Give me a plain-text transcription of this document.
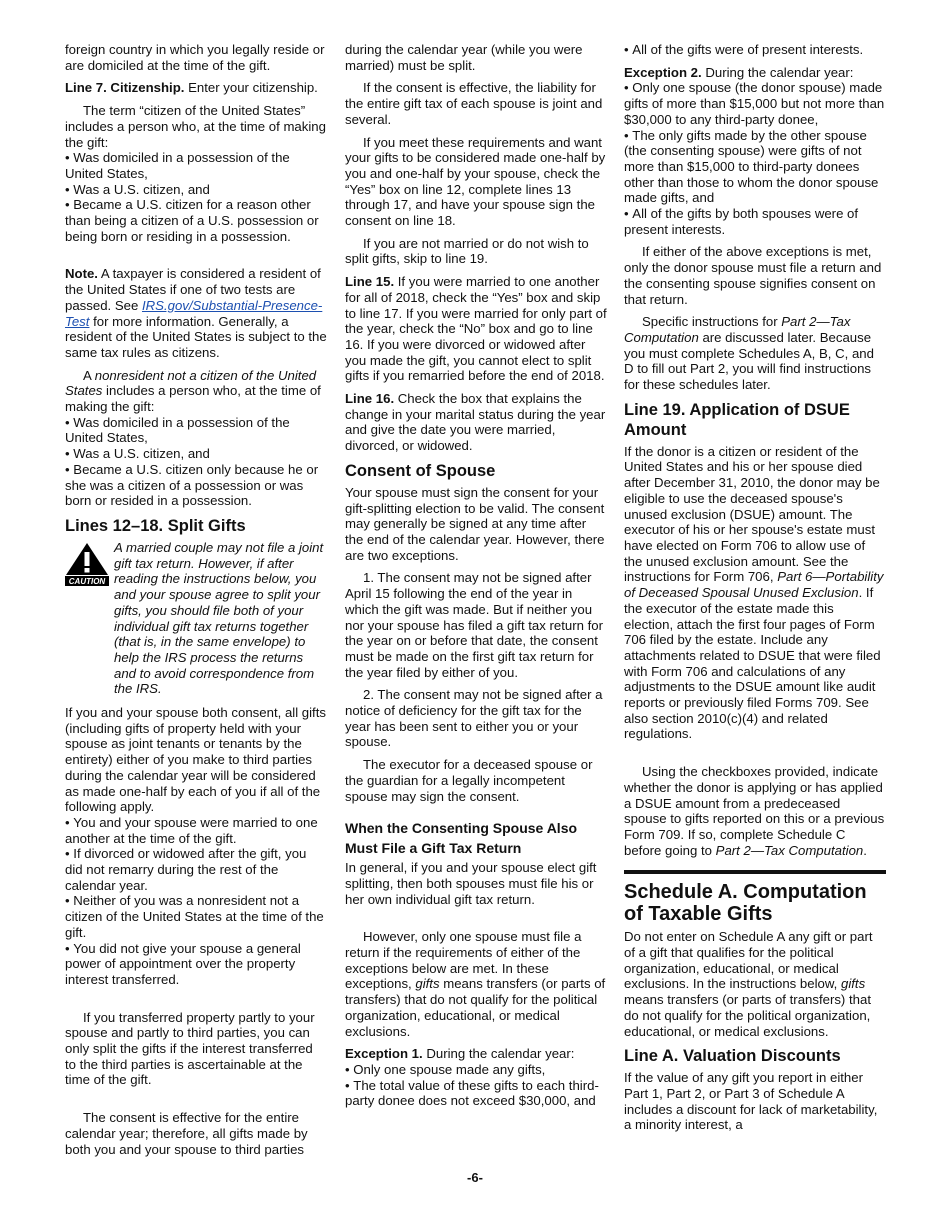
foreign country in which you legally reside or are domiciled at the time of the gift.

Line 7. Citizenship. Enter your citizenship.

The term “citizen of the United States” includes a person who, at the time of making the gift:

• Was domiciled in a possession of the United States,

• Was a U.S. citizen, and

• Became a U.S. citizen for a reason other than being a citizen of a U.S. possession or being born or residing in a possession.

Note. A taxpayer is considered a resident of the United States if one of two tests are passed. See IRS.gov/Substantial-Presence-Test for more information. Generally, a resident of the United States is subject to the same tax rules as citizens.

A nonresident not a citizen of the United States includes a person who, at the time of making the gift:

• Was domiciled in a possession of the United States,

• Was a U.S. citizen, and

• Became a U.S. citizen only because he or she was a citizen of a possession or was born or resided in a possession.

Lines 12–18. Split Gifts
CAUTION
A married couple may not file a joint gift tax return. However, if after reading the instructions below, you and your spouse agree to split your gifts, you should file both of your individual gift tax returns together (that is, in the same envelope) to help the IRS process the returns and to avoid correspondence from the IRS.

If you and your spouse both consent, all gifts (including gifts of property held with your spouse as joint tenants or tenants by the entirety) either of you make to third parties during the calendar year will be considered as made one-half by each of you if all of the following apply.

• You and your spouse were married to one another at the time of the gift.

• If divorced or widowed after the gift, you did not remarry during the rest of the calendar year.

• Neither of you was a nonresident not a citizen of the United States at the time of the gift.

• You did not give your spouse a general power of appointment over the property interest transferred.

If you transferred property partly to your spouse and partly to third parties, you can only split the gifts if the interest transferred to the third parties is ascertainable at the time of the gift.

The consent is effective for the entire calendar year; therefore, all gifts made by both you and your spouse to third parties

during the calendar year (while you were married) must be split.

If the consent is effective, the liability for the entire gift tax of each spouse is joint and several.

If you meet these requirements and want your gifts to be considered made one-half by you and one-half by your spouse, check the “Yes” box on line 12, complete lines 13 through 17, and have your spouse sign the consent on line 18.

If you are not married or do not wish to split gifts, skip to line 19.

Line 15. If you were married to one another for all of 2018, check the “Yes” box and skip to line 17. If you were married for only part of the year, check the “No” box and go to line 16. If you were divorced or widowed after you made the gift, you cannot elect to split gifts if you remarried before the end of 2018.

Line 16. Check the box that explains the change in your marital status during the year and give the date you were married, divorced, or widowed.

Consent of Spouse

Your spouse must sign the consent for your gift-splitting election to be valid. The consent may generally be signed at any time after the end of the calendar year. However, there are two exceptions.

1. The consent may not be signed after April 15 following the end of the year in which the gift was made. But if neither you nor your spouse has filed a gift tax return for the year on or before that date, the consent must be made on the first gift tax return for the year filed by either of you.

2. The consent may not be signed after a notice of deficiency for the gift tax for the year has been sent to either you or your spouse.

The executor for a deceased spouse or the guardian for a legally incompetent spouse may sign the consent.

When the Consenting Spouse Also Must File a Gift Tax Return

In general, if you and your spouse elect gift splitting, then both spouses must file his or her own individual gift tax return.

However, only one spouse must file a return if the requirements of either of the exceptions below are met. In these exceptions, gifts means transfers (or parts of transfers) that do not qualify for the political organization, educational, or medical exclusions.

Exception 1. During the calendar year:

• Only one spouse made any gifts,

• The total value of these gifts to each third-party donee does not exceed $30,000, and

• All of the gifts were of present interests.

Exception 2. During the calendar year:

• Only one spouse (the donor spouse) made gifts of more than $15,000 but not more than $30,000 to any third-party donee,

• The only gifts made by the other spouse (the consenting spouse) were gifts of not more than $15,000 to third-party donees other than those to whom the donor spouse made gifts, and

• All of the gifts by both spouses were of present interests.

If either of the above exceptions is met, only the donor spouse must file a return and the consenting spouse signifies consent on that return.

Specific instructions for Part 2—Tax Computation are discussed later. Because you must complete Schedules A, B, C, and D to fill out Part 2, you will find instructions for these schedules later.

Line 19. Application of DSUE Amount

If the donor is a citizen or resident of the United States and his or her spouse died after December 31, 2010, the donor may be eligible to use the deceased spouse's unused exclusion (DSUE) amount. The executor of his or her spouse's estate must have elected on Form 706 to allow use of the unused exclusion amount. See the instructions for Form 706, Part 6—Portability of Deceased Spousal Unused Exclusion. If the executor of the estate made this election, attach the first four pages of Form 706 filed by the estate. Include any attachments related to DSUE that were filed with Form 706 and calculations of any adjustments to the DSUE amount like audit reports or previously filed Forms 709. See also section 2010(c)(4) and related regulations.

Using the checkboxes provided, indicate whether the donor is applying or has applied a DSUE amount from a predeceased spouse to gifts reported on this or a previous Form 709. If so, complete Schedule C before going to Part 2—Tax Computation.

Schedule A. Computation of Taxable Gifts

Do not enter on Schedule A any gift or part of a gift that qualifies for the political organization, educational, or medical exclusions. In the instructions below, gifts means transfers (or parts of transfers) that do not qualify for the political organization, educational, or medical exclusions.

Line A. Valuation Discounts

If the value of any gift you report in either Part 1, Part 2, or Part 3 of Schedule A includes a discount for lack of marketability, a minority interest, a

-6-
